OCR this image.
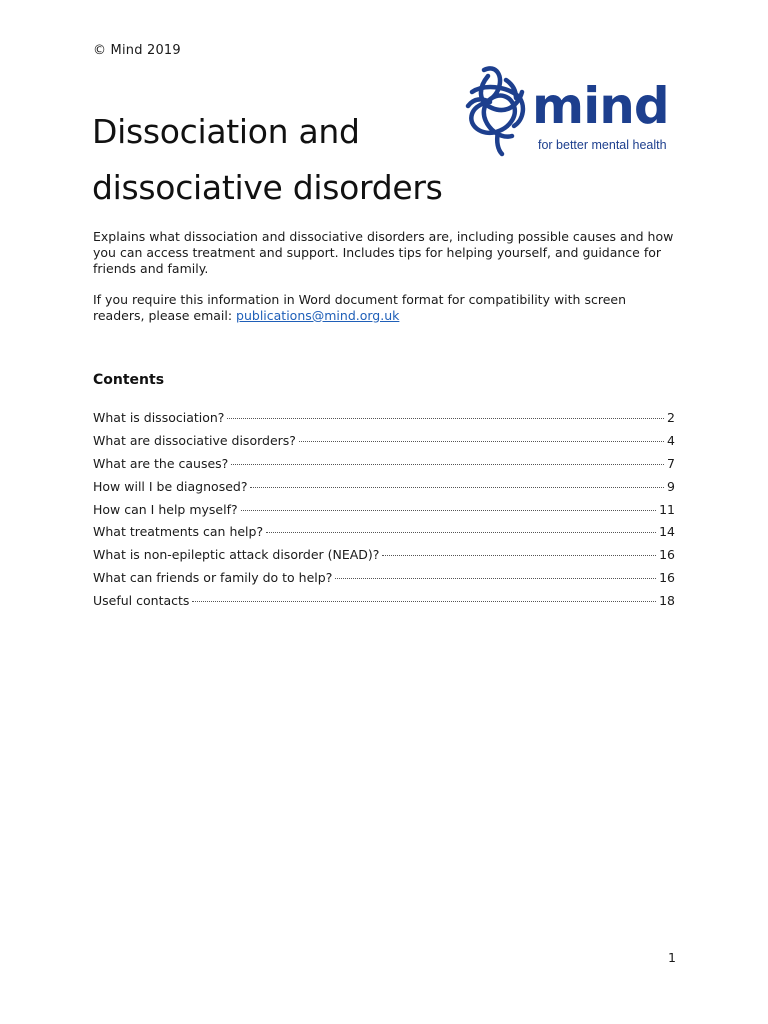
© Mind 2019
Dissociation and
dissociative disorders
mind
for better mental health

Explains what dissociation and dissociative disorders are, including possible causes and how you can access treatment and support. Includes tips for helping yourself, and guidance for friends and family.

If you require this information in Word document format for compatibility with screen readers, please email: publications@mind.org.uk

Contents
What is dissociation?	2
What are dissociative disorders?	4
What are the causes?	7
How will I be diagnosed?	9
How can I help myself?	11
What treatments can help?	14
What is non-epileptic attack disorder (NEAD)?	16
What can friends or family do to help?	16
Useful contacts	18
1
